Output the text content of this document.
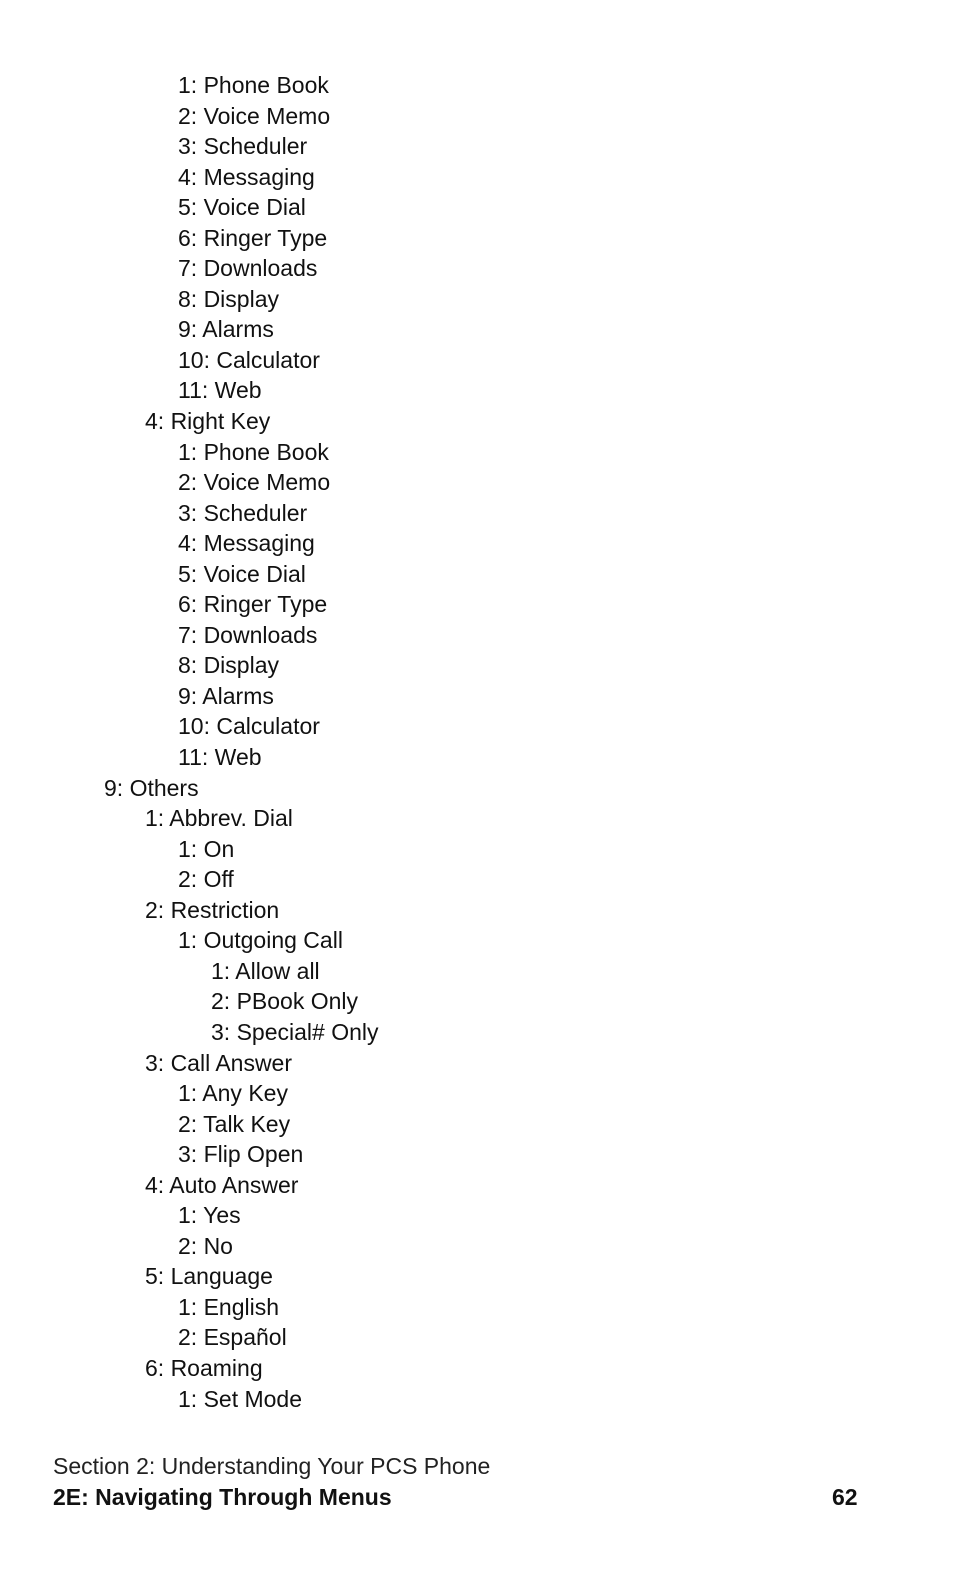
1: Phone Book
2: Voice Memo
3: Scheduler
4: Messaging
5: Voice Dial
6: Ringer Type
7: Downloads
8: Display
9: Alarms
10: Calculator
11: Web
4: Right Key
1: Phone Book
2: Voice Memo
3: Scheduler
4: Messaging
5: Voice Dial
6: Ringer Type
7: Downloads
8: Display
9: Alarms
10: Calculator
11: Web
9: Others
1: Abbrev. Dial
1: On
2: Off
2: Restriction
1: Outgoing Call
1: Allow all
2: PBook Only
3: Special# Only
3: Call Answer
1: Any Key
2: Talk Key
3: Flip Open
4: Auto Answer
1: Yes
2: No
5: Language
1: English
2: Español
6: Roaming
1: Set Mode
Section 2: Understanding Your PCS Phone
2E: Navigating Through Menus	62
